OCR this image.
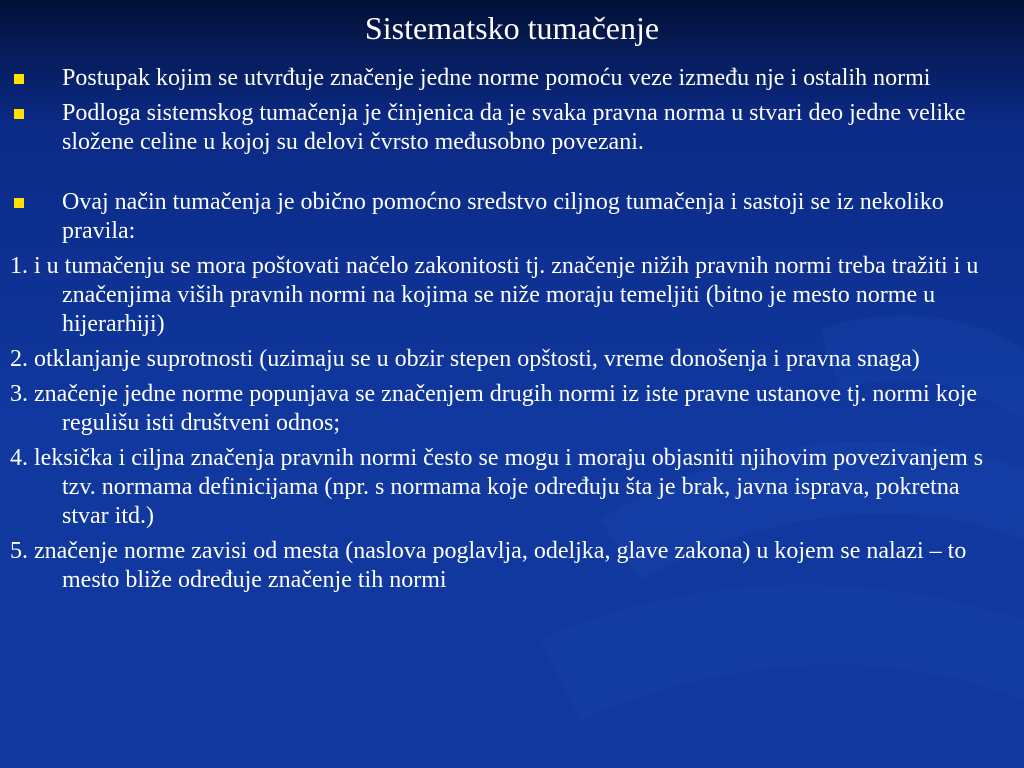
Sistematsko tumačenje
Postupak kojim se utvrđuje značenje jedne norme pomoću veze između nje i ostalih normi
Podloga sistemskog tumačenja je činjenica da je svaka pravna norma u stvari deo jedne velike složene celine u kojoj su delovi čvrsto međusobno povezani.
Ovaj način tumačenja je obično pomoćno sredstvo ciljnog tumačenja i sastoji se iz nekoliko pravila:
1. i u tumačenju se mora poštovati načelo zakonitosti tj. značenje nižih pravnih normi treba tražiti i u značenjima viših pravnih normi na kojima se niže moraju temeljiti (bitno je mesto norme u hijerarhiji)
2. otklanjanje suprotnosti (uzimaju se u obzir stepen opštosti, vreme donošenja i pravna snaga)
3. značenje jedne norme popunjava se značenjem drugih normi iz iste pravne ustanove tj. normi koje regulišu isti društveni odnos;
4. leksička i ciljna značenja pravnih normi često se mogu i moraju objasniti njihovim povezivanjem s tzv. normama definicijama (npr. s normama koje određuju šta je brak, javna isprava, pokretna stvar itd.)
5. značenje norme zavisi od mesta (naslova poglavlja, odeljka, glave zakona) u kojem se nalazi – to mesto bliže određuje značenje tih normi
